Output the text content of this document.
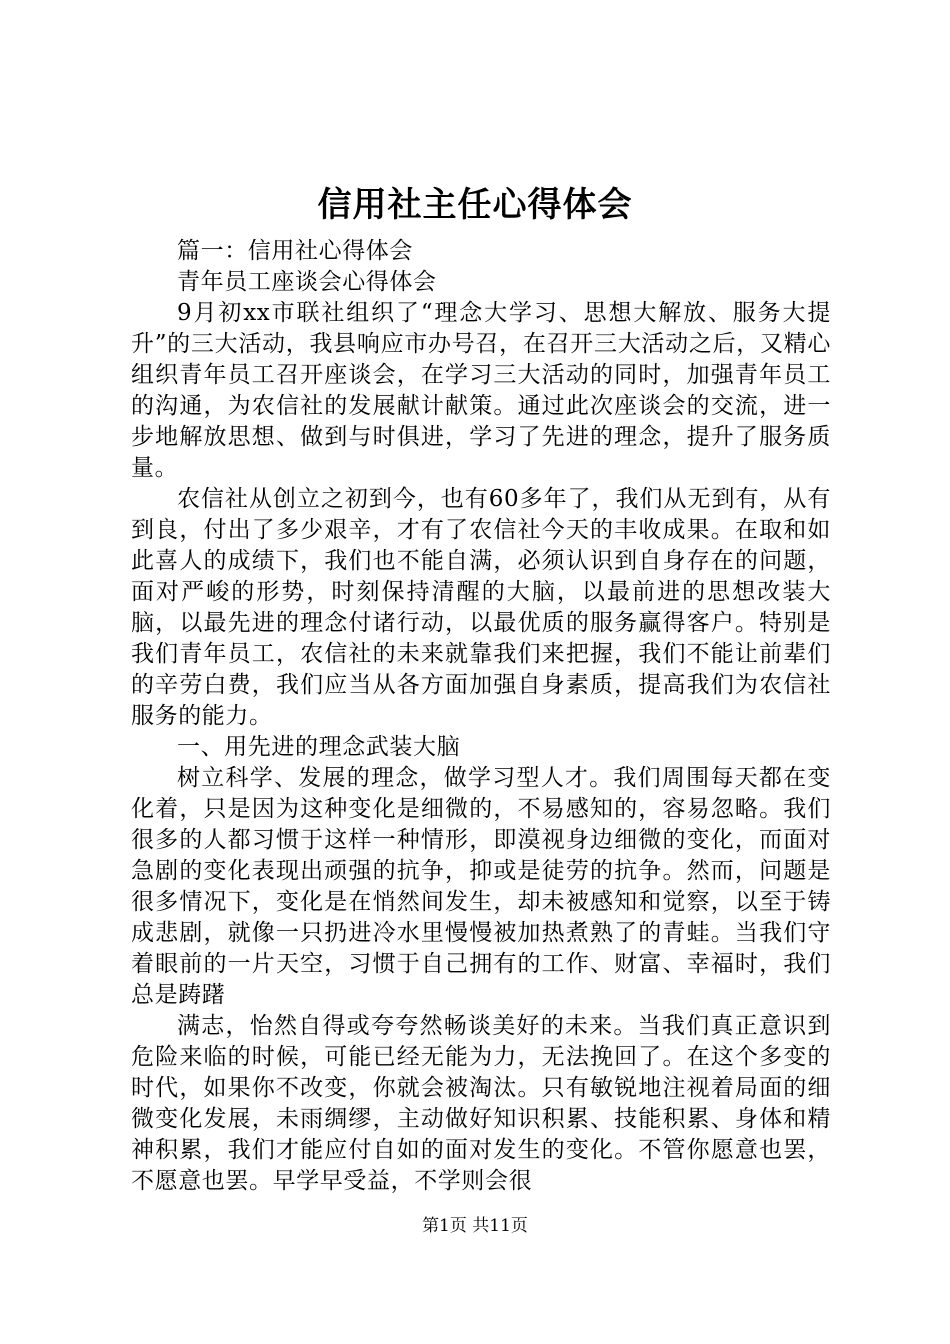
信用社主任心得体会

篇一：信用社心得体会

青年员工座谈会心得体会

9月初xx市联社组织了“理念大学习、思想大解放、服务大提升”的三大活动，我县响应市办号召，在召开三大活动之后，又精心组织青年员工召开座谈会，在学习三大活动的同时，加强青年员工的沟通，为农信社的发展献计献策。通过此次座谈会的交流，进一步地解放思想、做到与时俱进，学习了先进的理念，提升了服务质量。

农信社从创立之初到今，也有60多年了，我们从无到有，从有到良，付出了多少艰辛，才有了农信社今天的丰收成果。在取和如此喜人的成绩下，我们也不能自满，必须认识到自身存在的问题，面对严峻的形势，时刻保持清醒的大脑，以最前进的思想改装大脑，以最先进的理念付诸行动，以最优质的服务赢得客户。特别是我们青年员工，农信社的未来就靠我们来把握，我们不能让前辈们的辛劳白费，我们应当从各方面加强自身素质，提高我们为农信社服务的能力。

一、用先进的理念武装大脑

树立科学、发展的理念，做学习型人才。我们周围每天都在变化着，只是因为这种变化是细微的，不易感知的，容易忽略。我们很多的人都习惯于这样一种情形，即漠视身边细微的变化，而面对急剧的变化表现出顽强的抗争，抑或是徒劳的抗争。然而，问题是很多情况下，变化是在悄然间发生，却未被感知和觉察，以至于铸成悲剧，就像一只扔进冷水里慢慢被加热煮熟了的青蛙。当我们守着眼前的一片天空，习惯于自己拥有的工作、财富、幸福时，我们总是踌躇

满志，怡然自得或夸夸然畅谈美好的未来。当我们真正意识到危险来临的时候，可能已经无能为力，无法挽回了。在这个多变的时代，如果你不改变，你就会被淘汰。只有敏锐地注视着局面的细微变化发展，未雨绸缪，主动做好知识积累、技能积累、身体和精神积累，我们才能应付自如的面对发生的变化。不管你愿意也罢，不愿意也罢。早学早受益，不学则会很

第1页 共11页
